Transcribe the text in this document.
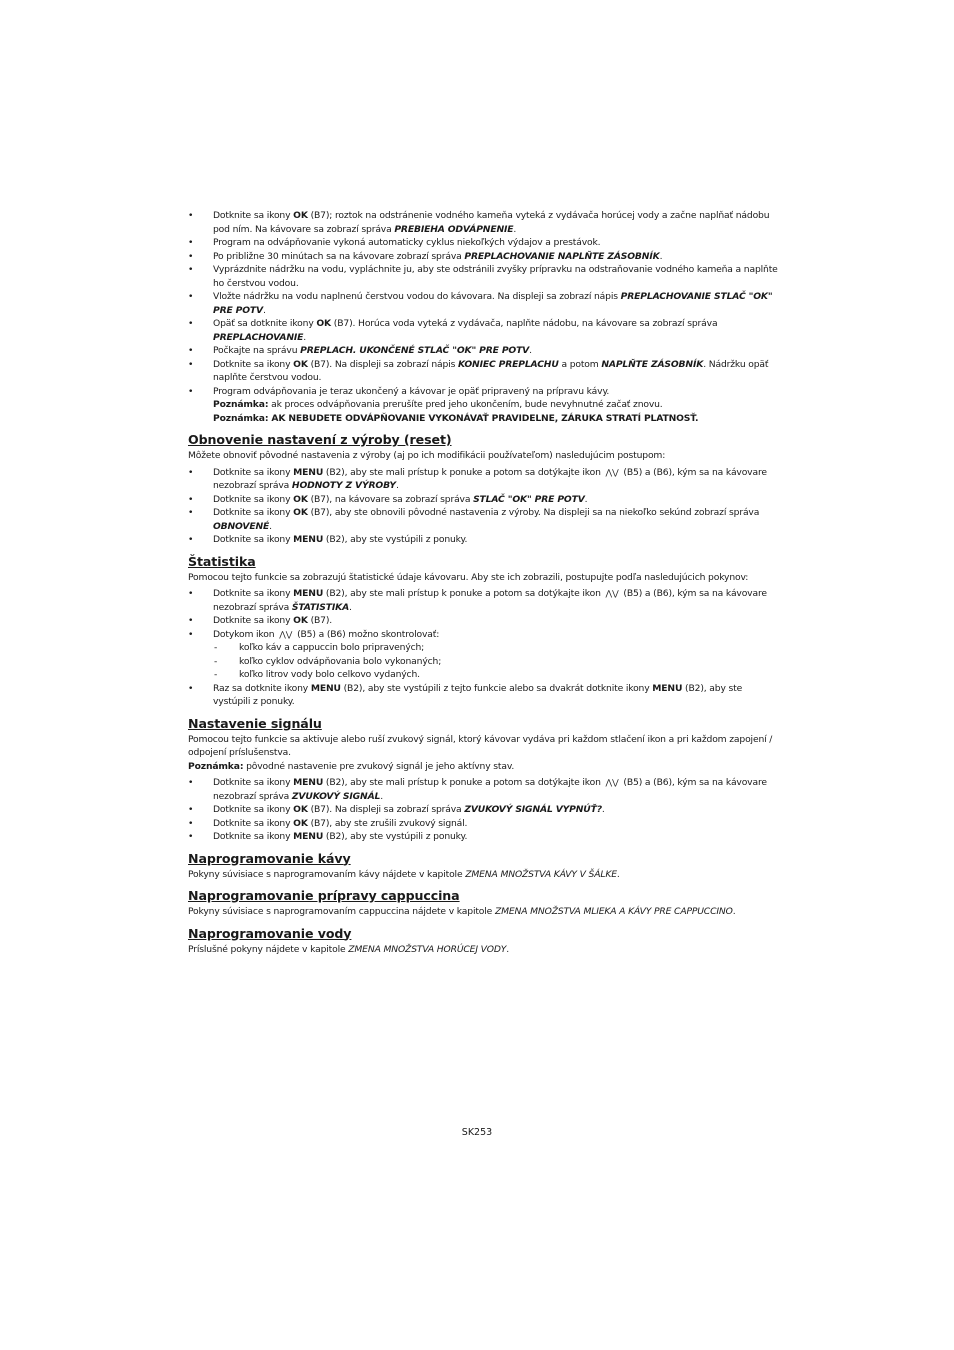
• Dotknite sa ikony OK (B7); roztok na odstránenie vodného kameňa vyteká z vydávača horúcej vody a začne naplňať nádobu pod ním. Na kávovare sa zobrazí správa PREBIEHA ODVÁPNENIE.
• Program na odvápňovanie vykoná automaticky cyklus niekoľkých výdajov a prestávok.
• Po približne 30 minútach sa na kávovare zobrazí správa PREPLACHOVANIE NAPLŇTE ZÁSOBNÍK.
• Vyprázdnite nádržku na vodu, vypláchnite ju, aby ste odstránili zvyšky prípravku na odstraňovanie vodného kameňa a naplňte ho čerstvou vodou.
• Vložte nádržku na vodu naplnenú čerstvou vodou do kávovara. Na displeji sa zobrazí nápis PREPLACHOVANIE STLAČ "OK" PRE POTV.
• Opäť sa dotknite ikony OK (B7). Horúca voda vyteká z vydávača, naplňte nádobu, na kávovare sa zobrazí správa PREPLACHOVANIE.
• Počkajte na správu PREPLACH. UKONČENÉ STLAČ "OK" PRE POTV.
• Dotknite sa ikony OK (B7). Na displeji sa zobrazí nápis KONIEC PREPLACHU a potom NAPLŇTE ZÁSOBNÍK. Nádržku opäť naplňte čerstvou vodou.
• Program odvápňovania je teraz ukončený a kávovar je opäť pripravený na prípravu kávy.
Poznámka: ak proces odvápňovania prerušíte pred jeho ukončením, bude nevyhnutné začať znovu.
Poznámka: AK NEBUDETE ODVÁPŇOVANIE VYKONÁVAŤ PRAVIDELNE, ZÁRUKA STRATÍ PLATNOSŤ.
Obnovenie nastavení z výroby (reset)
Môžete obnoviť pôvodné nastavenia z výroby (aj po ich modifikácii používateľom) nasledujúcim postupom:
• Dotknite sa ikony MENU (B2), aby ste mali prístup k ponuke a potom sa dotýkajte ikon ⋀⋁ (B5) a (B6), kým sa na kávovare nezobrazí správa HODNOTY Z VÝROBY.
• Dotknite sa ikony OK (B7), na kávovare sa zobrazí správa STLAČ "OK" PRE POTV.
• Dotknite sa ikony OK (B7), aby ste obnovili pôvodné nastavenia z výroby. Na displeji sa na niekoľko sekúnd zobrazí správa OBNOVENÉ.
• Dotknite sa ikony MENU (B2), aby ste vystúpili z ponuky.
Štatistika
Pomocou tejto funkcie sa zobrazujú štatistické údaje kávovaru. Aby ste ich zobrazili, postupujte podľa nasledujúcich pokynov:
• Dotknite sa ikony MENU (B2), aby ste mali prístup k ponuke a potom sa dotýkajte ikon ⋀⋁ (B5) a (B6), kým sa na kávovare nezobrazí správa ŠTATISTIKA.
• Dotknite sa ikony OK (B7).
• Dotykom ikon ⋀⋁ (B5) a (B6) možno skontrolovať:
- koľko káv a cappuccin bolo pripravených;
- koľko cyklov odvápňovania bolo vykonaných;
- koľko litrov vody bolo celkovo vydaných.
• Raz sa dotknite ikony MENU (B2), aby ste vystúpili z tejto funkcie alebo sa dvakrát dotknite ikony MENU (B2), aby ste vystúpili z ponuky.
Nastavenie signálu
Pomocou tejto funkcie sa aktivuje alebo ruší zvukový signál, ktorý kávovar vydáva pri každom stlačení ikon a pri každom zapojení / odpojení príslušenstva.
Poznámka: pôvodné nastavenie pre zvukový signál je jeho aktívny stav.
• Dotknite sa ikony MENU (B2), aby ste mali prístup k ponuke a potom sa dotýkajte ikon ⋀⋁ (B5) a (B6), kým sa na kávovare nezobrazí správa ZVUKOVÝ SIGNÁL.
• Dotknite sa ikony OK (B7). Na displeji sa zobrazí správa ZVUKOVÝ SIGNÁL VYPNÚŤ?.
• Dotknite sa ikony OK (B7), aby ste zrušili zvukový signál.
• Dotknite sa ikony MENU (B2), aby ste vystúpili z ponuky.
Naprogramovanie kávy
Pokyny súvisiace s naprogramovaním kávy nájdete v kapitole ZMENA MNOŽSTVA KÁVY V ŠÁLKE.
Naprogramovanie prípravy cappuccina
Pokyny súvisiace s naprogramovaním cappuccina nájdete v kapitole ZMENA MNOŽSTVA MLIEKA A KÁVY PRE CAPPUCCINO.
Naprogramovanie vody
Príslušné pokyny nájdete v kapitole ZMENA MNOŽSTVA HORÚCEJ VODY.
SK253
